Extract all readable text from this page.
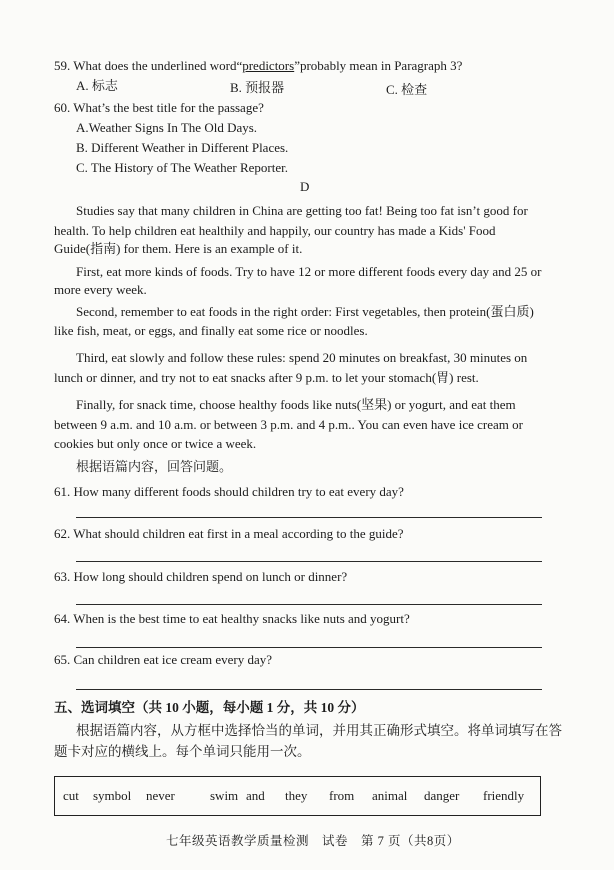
59. What does the underlined word“predictors”probably mean in Paragraph 3?
A. 标志	B. 预报器	C. 检查
60. What’s the best title for the passage?
A.Weather Signs In The Old Days.
B. Different Weather in Different Places.
C. The History of The Weather Reporter.
D
Studies say that many children in China are getting too fat! Being too fat isn’t good for
health. To help children eat healthily and happily, our country has made a Kids' Food
Guide(指南) for them. Here is an example of it.
First, eat more kinds of foods. Try to have 12 or more different foods every day and 25 or
more every week.
Second, remember to eat foods in the right order: First vegetables, then protein(蛋白质)
like fish, meat, or eggs, and finally eat some rice or noodles.
Third, eat slowly and follow these rules: spend 20 minutes on breakfast, 30 minutes on
lunch or dinner, and try not to eat snacks after 9 p.m. to let your stomach(胃) rest.
Finally, for snack time, choose healthy foods like nuts(坚果) or yogurt, and eat them
between 9 a.m. and 10 a.m. or between 3 p.m. and 4 p.m.. You can even have ice cream or
cookies but only once or twice a week.
根据语篇内容，回答问题。
61. How many different foods should children try to eat every day?
62. What should children eat first in a meal according to the guide?
63. How long should children spend on lunch or dinner?
64. When is the best time to eat healthy snacks like nuts and yogurt?
65. Can children eat ice cream every day?
五、选词填空（共 10 小题，每小题 1 分，共 10 分）
根据语篇内容，从方框中选择恰当的单词，并用其正确形式填空。将单词填写在答
题卡对应的横线上。每个单词只能用一次。
cut symbol never	swim and they from animal danger friendly
七年级英语教学质量检测　试卷　第 7 页（共8页）
